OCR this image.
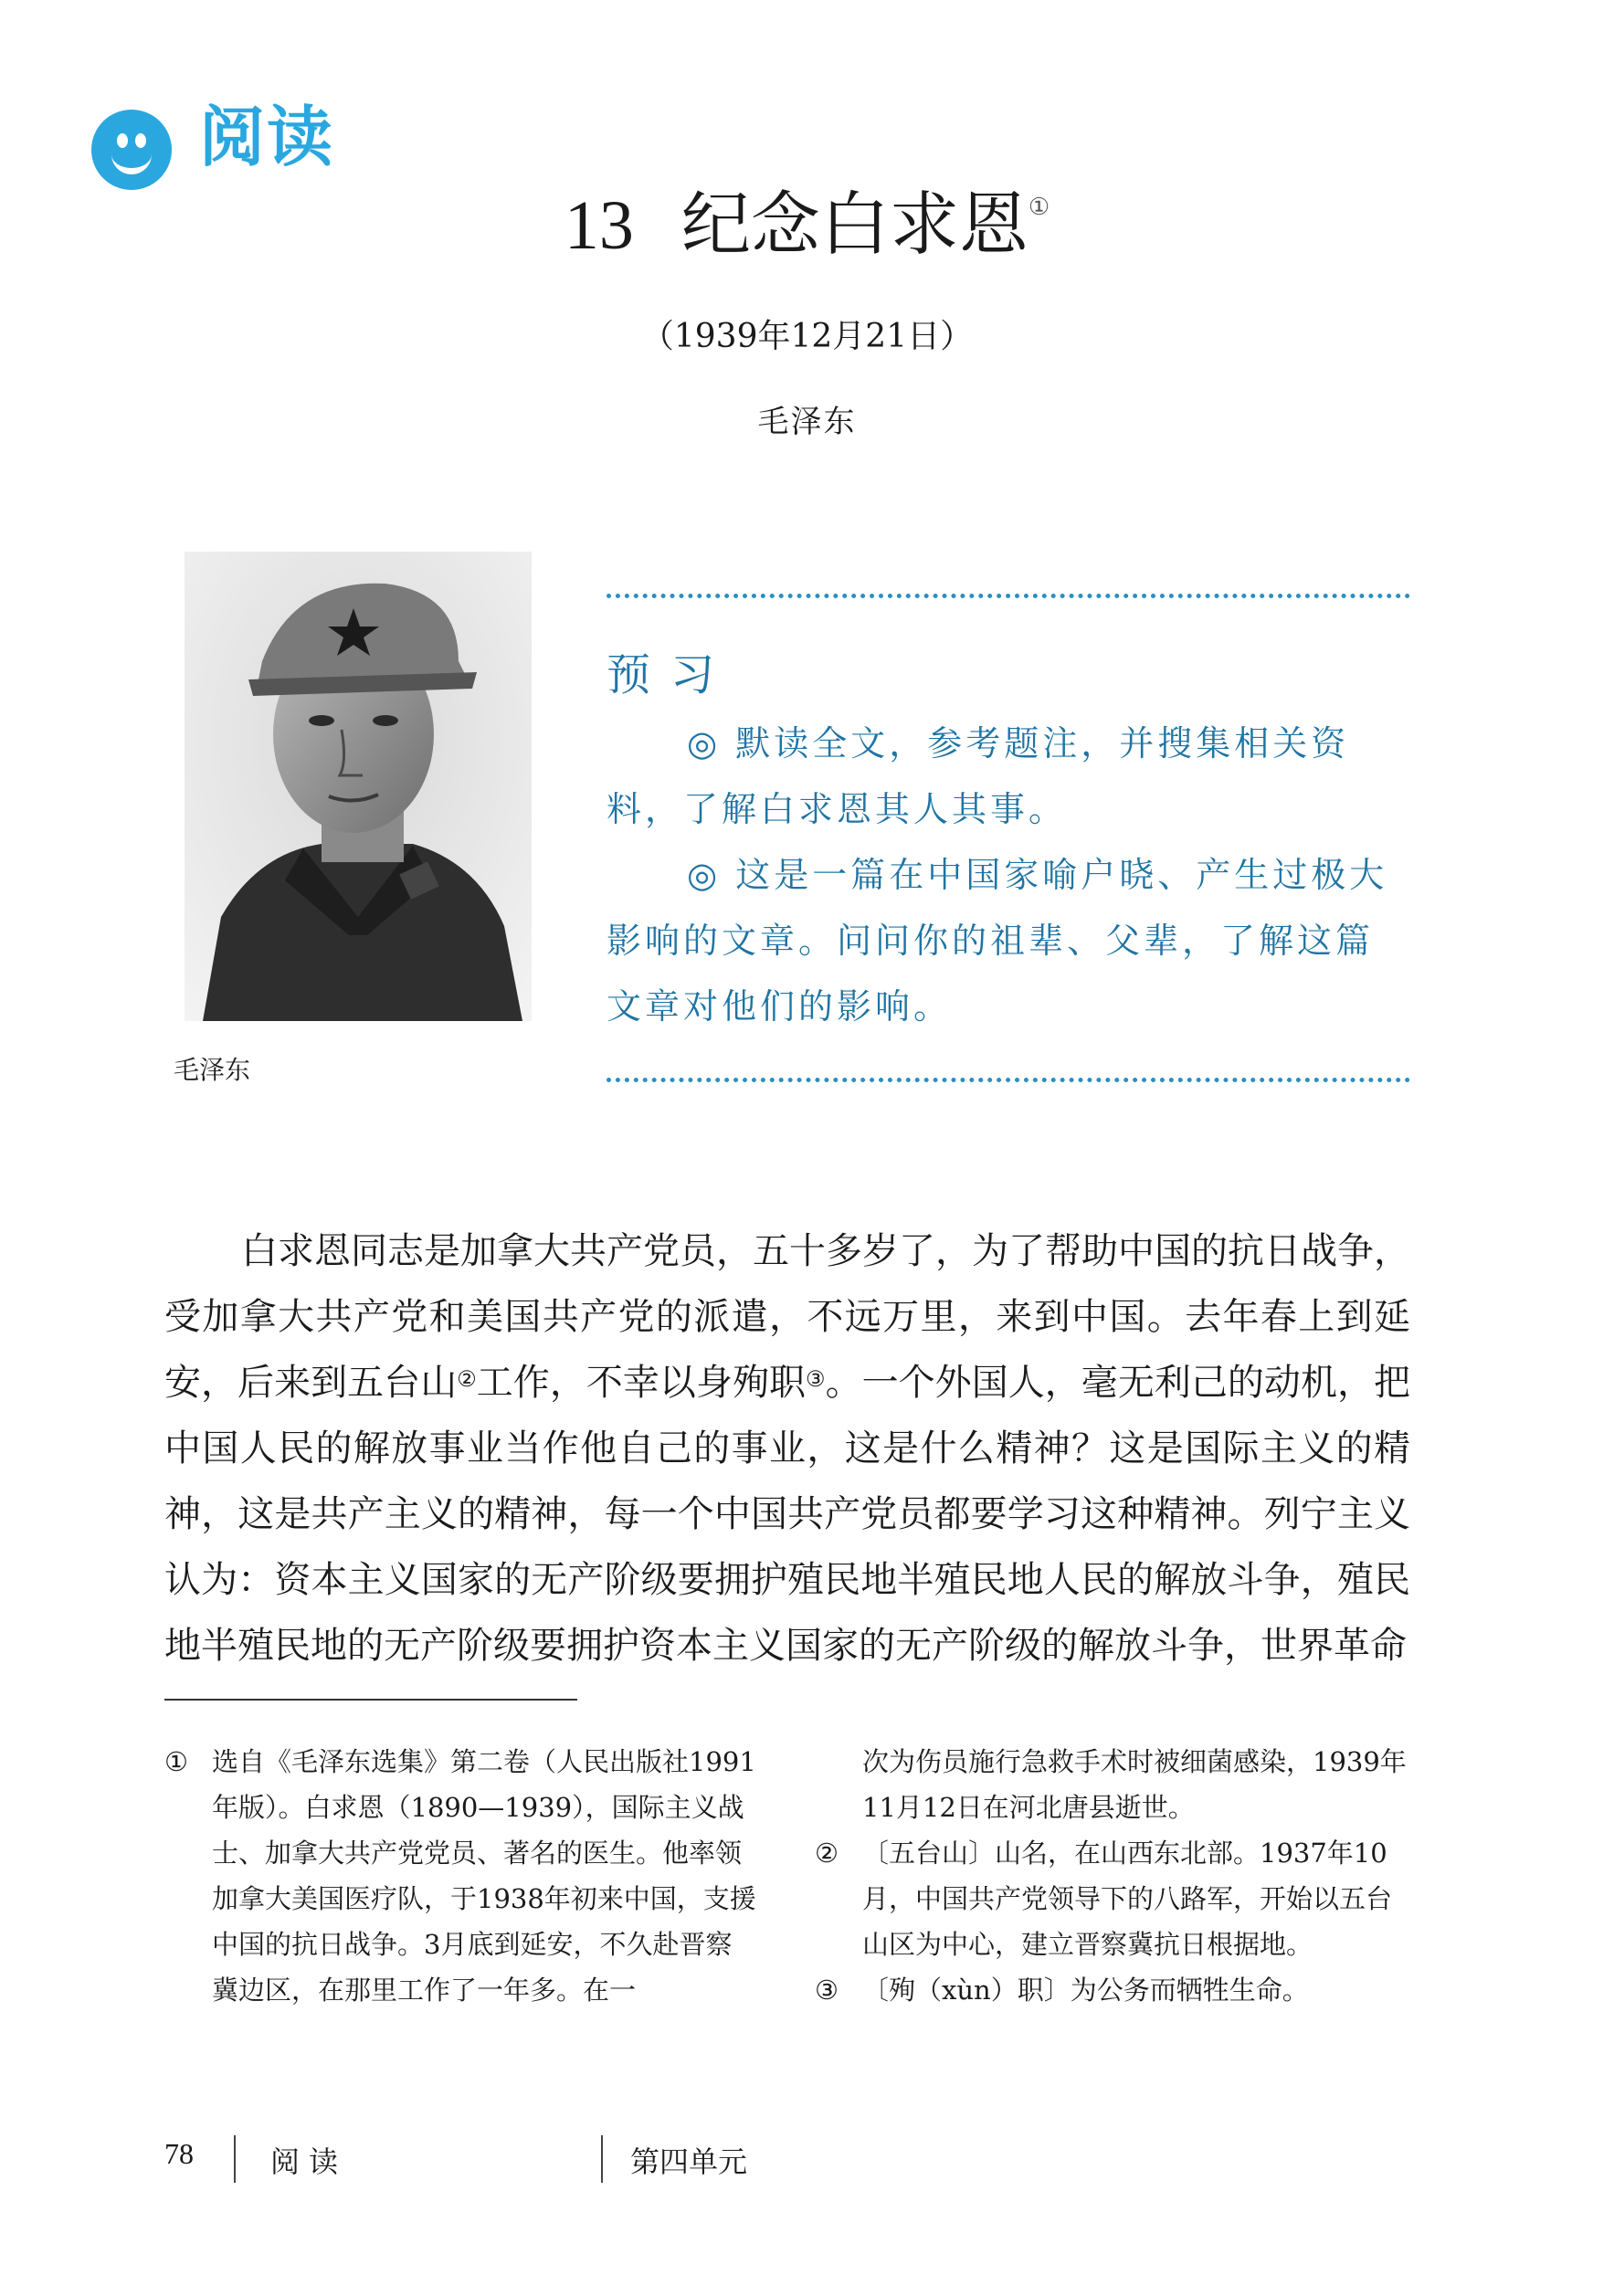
阅读
13 纪念白求恩①
（1939年12月21日）
毛泽东
毛泽东
预习

◎ 默读全文，参考题注，并搜集相关资料，了解白求恩其人其事。

◎ 这是一篇在中国家喻户晓、产生过极大影响的文章。问问你的祖辈、父辈，了解这篇文章对他们的影响。

白求恩同志是加拿大共产党员，五十多岁了，为了帮助中国的抗日战争，受加拿大共产党和美国共产党的派遣，不远万里，来到中国。去年春上到延安，后来到五台山②工作，不幸以身殉职③。一个外国人，毫无利己的动机，把中国人民的解放事业当作他自己的事业，这是什么精神？这是国际主义的精神，这是共产主义的精神，每一个中国共产党员都要学习这种精神。列宁主义认为：资本主义国家的无产阶级要拥护殖民地半殖民地人民的解放斗争，殖民地半殖民地的无产阶级要拥护资本主义国家的无产阶级的解放斗争，世界革命

① 选自《毛泽东选集》第二卷（人民出版社1991年版）。白求恩（1890—1939），国际主义战士、加拿大共产党党员、著名的医生。他率领加拿大美国医疗队，于1938年初来中国，支援中国的抗日战争。3月底到延安，不久赴晋察冀边区，在那里工作了一年多。在一
次为伤员施行急救手术时被细菌感染，1939年11月12日在河北唐县逝世。
② 〔五台山〕山名，在山西东北部。1937年10月，中国共产党领导下的八路军，开始以五台山区为中心，建立晋察冀抗日根据地。
③ 〔殉（xùn）职〕为公务而牺牲生命。
78	阅读	第四单元
